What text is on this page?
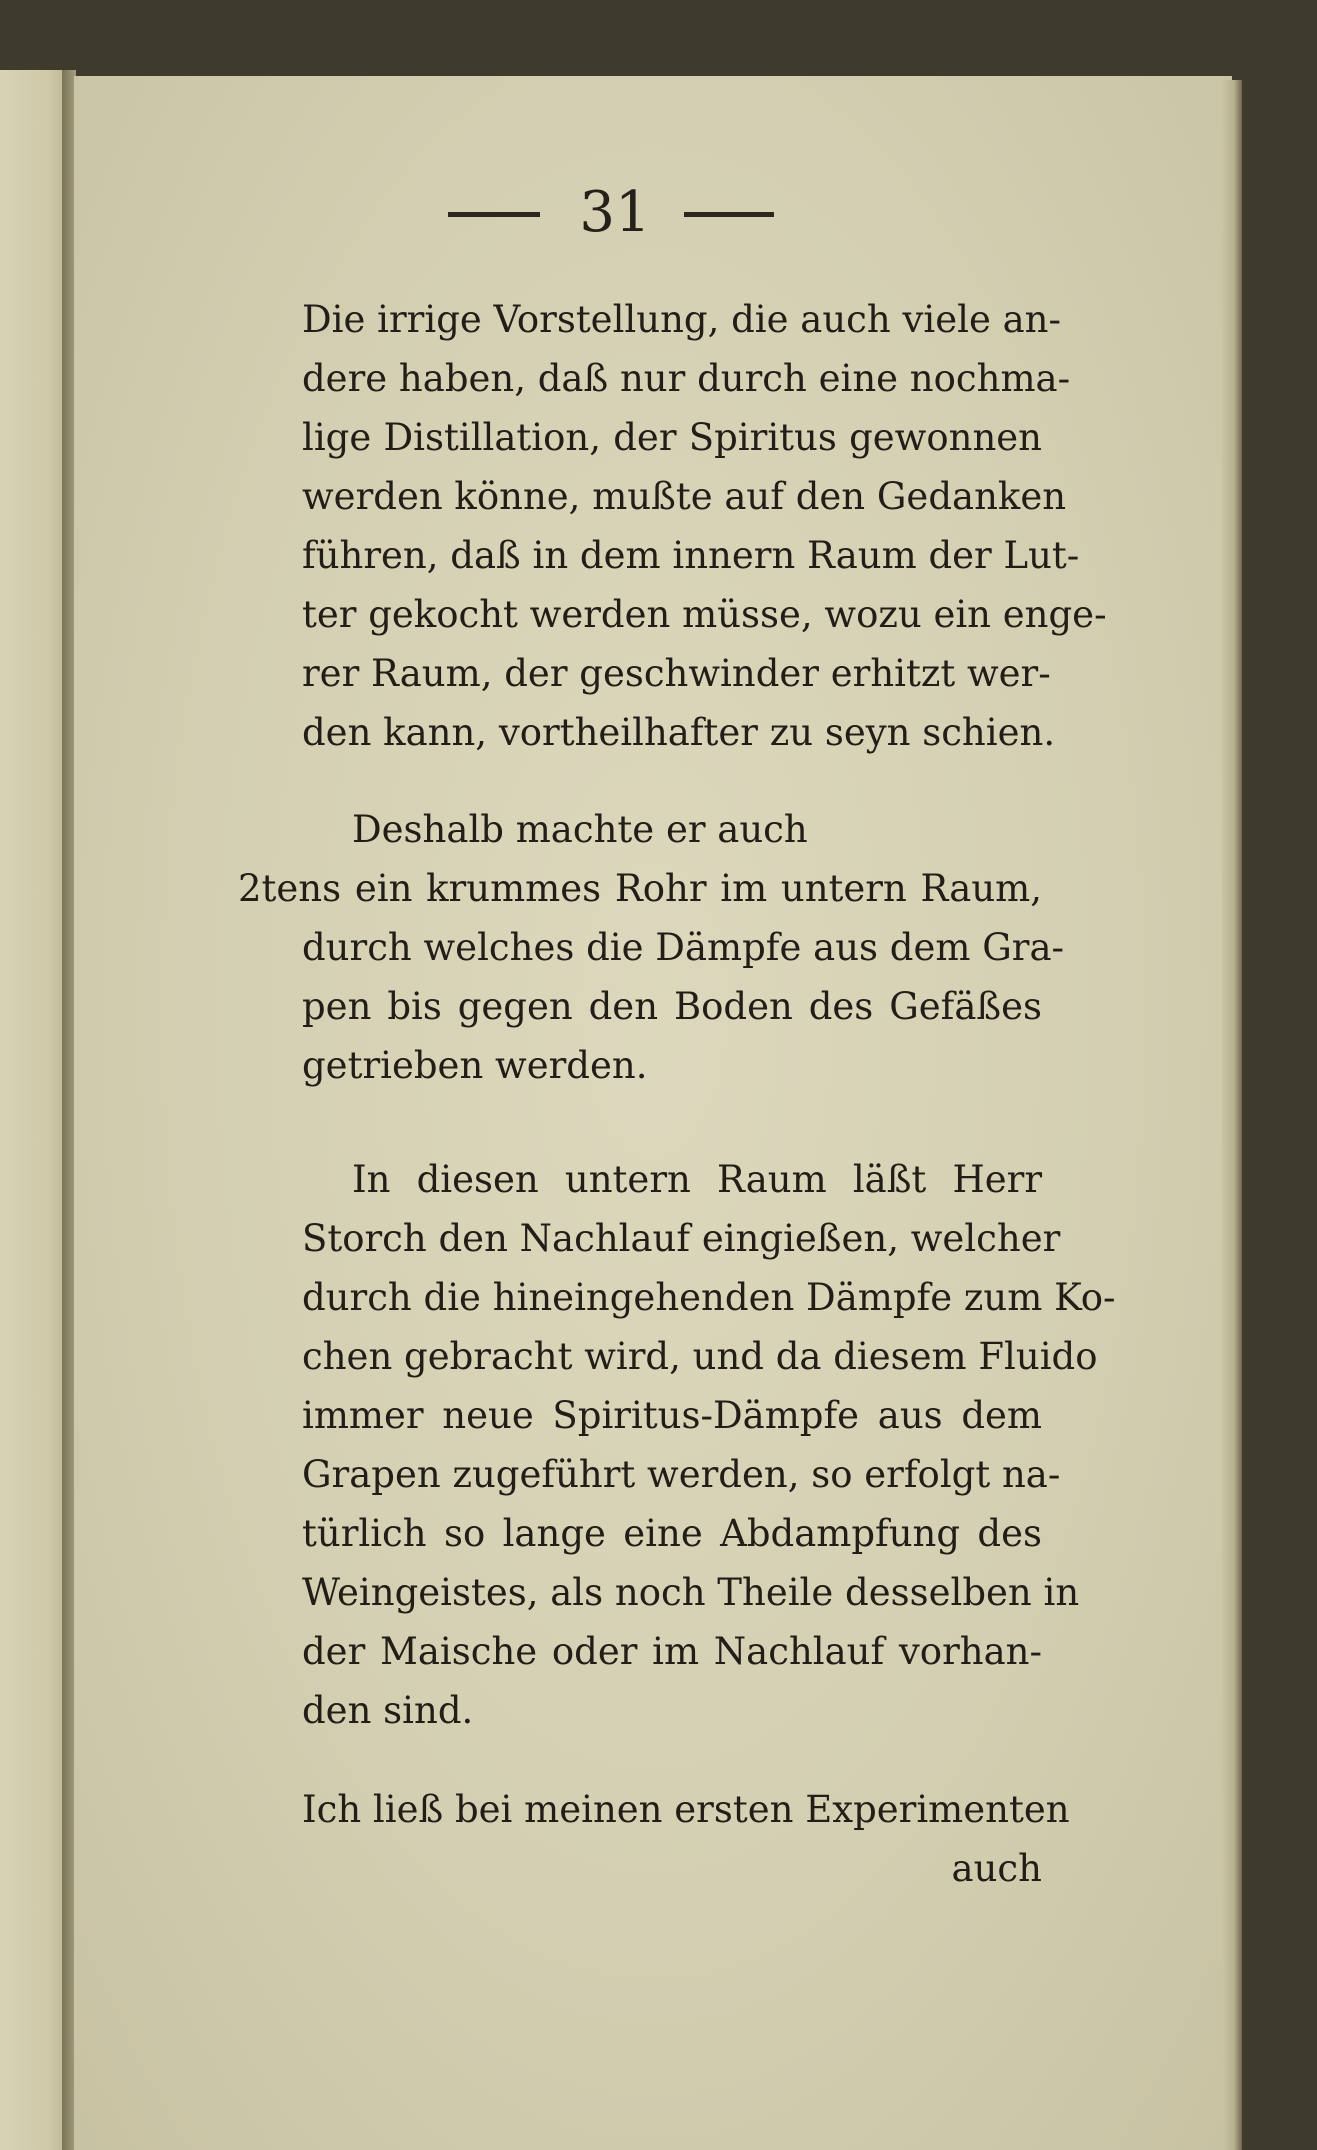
31
Die irrige Vorstellung, die auch viele an-
dere haben, daß nur durch eine nochma-
lige Distillation, der Spiritus gewonnen
werden könne, mußte auf den Gedanken
führen, daß in dem innern Raum der Lut-
ter gekocht werden müsse, wozu ein enge-
rer Raum, der geschwinder erhitzt wer-
den kann, vortheilhafter zu seyn schien.
Deshalb machte er auch
2tens ein krummes Rohr im untern Raum,
durch welches die Dämpfe aus dem Gra-
pen bis gegen den Boden des Gefäßes
getrieben werden.
In diesen untern Raum läßt Herr
Storch den Nachlauf eingießen, welcher
durch die hineingehenden Dämpfe zum Ko-
chen gebracht wird, und da diesem Fluido
immer neue Spiritus-Dämpfe aus dem
Grapen zugeführt werden, so erfolgt na-
türlich so lange eine Abdampfung des
Weingeistes, als noch Theile desselben in
der Maische oder im Nachlauf vorhan-
den sind.
Ich ließ bei meinen ersten Experimenten
auch
